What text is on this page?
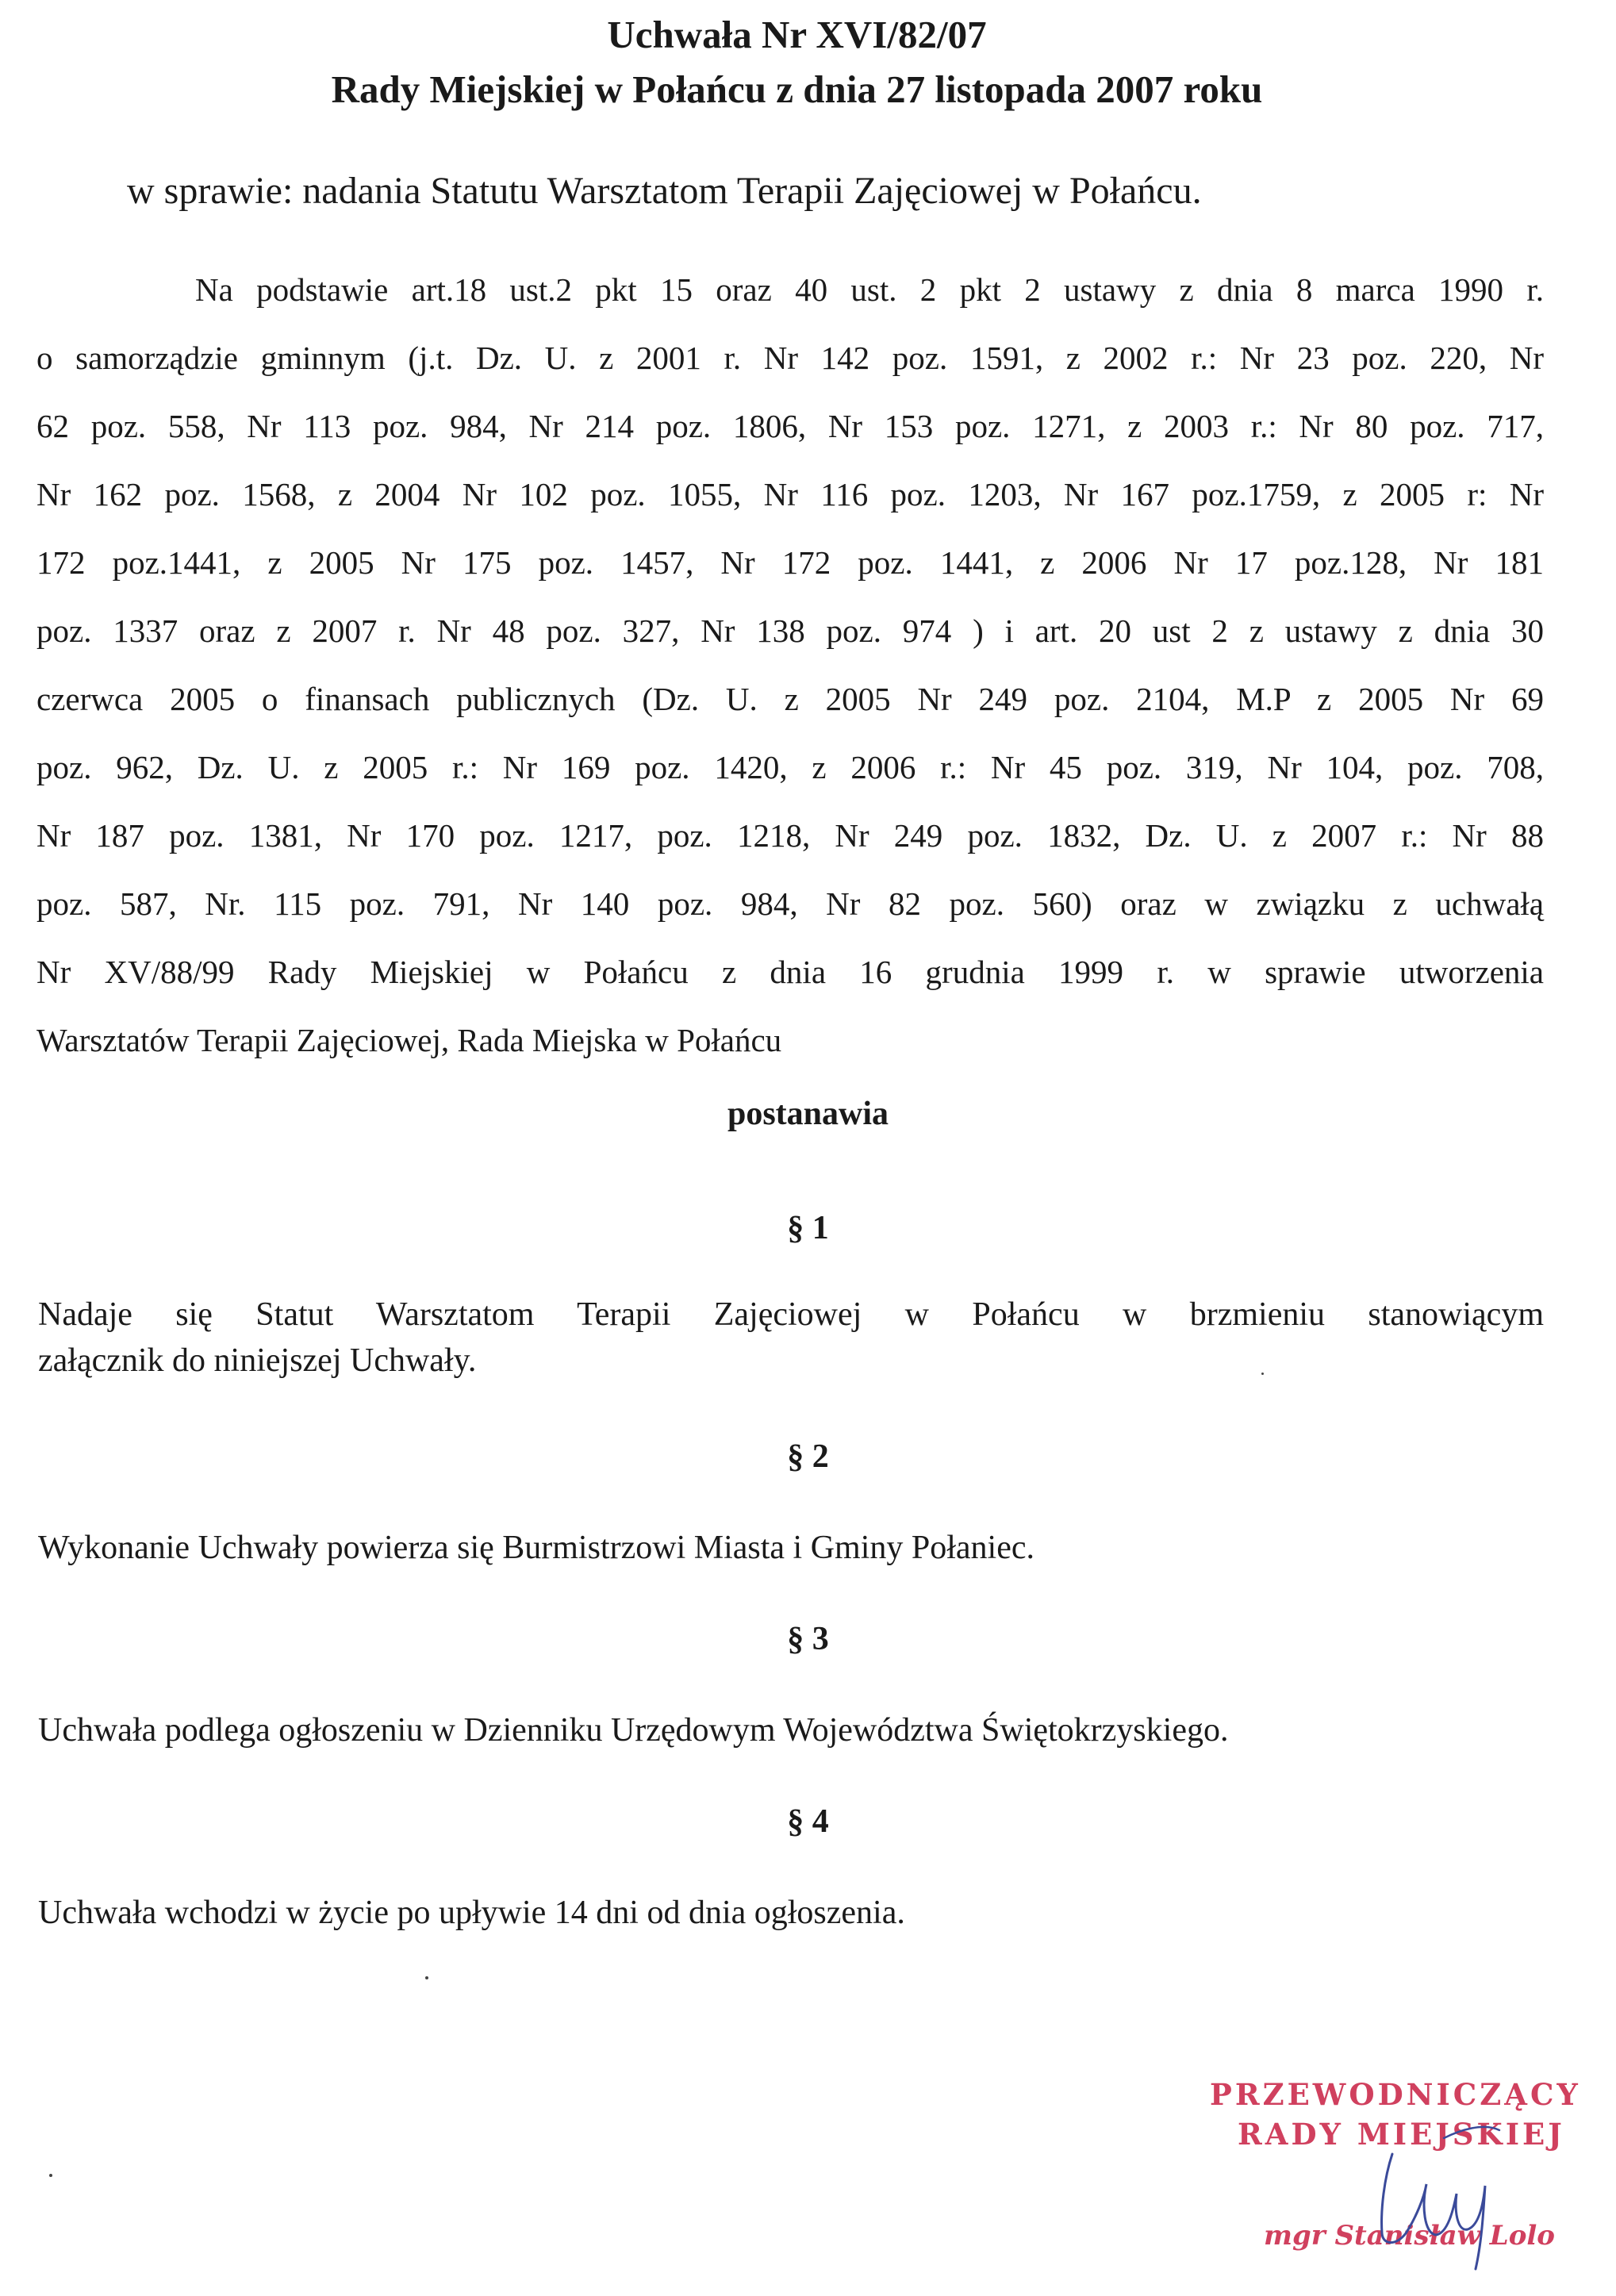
Uchwała Nr XVI/82/07
Rady Miejskiej w Połańcu z dnia 27 listopada 2007 roku
w sprawie: nadania Statutu Warsztatom Terapii Zajęciowej w Połańcu.
Na podstawie art.18 ust.2 pkt 15 oraz 40 ust. 2 pkt 2 ustawy z dnia 8 marca 1990 r.
o samorządzie gminnym (j.t. Dz. U. z 2001 r. Nr 142 poz. 1591, z 2002 r.: Nr 23 poz. 220, Nr
62 poz. 558, Nr 113 poz. 984, Nr 214 poz. 1806, Nr 153 poz. 1271, z 2003 r.: Nr 80 poz. 717,
Nr 162 poz. 1568, z 2004 Nr 102 poz. 1055, Nr 116 poz. 1203, Nr 167 poz.1759, z 2005 r: Nr
172 poz.1441, z 2005 Nr 175 poz. 1457, Nr 172 poz. 1441, z 2006 Nr 17 poz.128, Nr 181
poz. 1337 oraz z 2007 r. Nr 48 poz. 327, Nr 138 poz. 974 ) i art. 20 ust 2 z ustawy z dnia 30
czerwca 2005 o finansach publicznych (Dz. U. z 2005 Nr 249 poz. 2104, M.P z 2005 Nr 69
poz. 962, Dz. U. z 2005 r.: Nr 169 poz. 1420, z 2006 r.: Nr 45 poz. 319, Nr 104, poz. 708,
Nr 187 poz. 1381, Nr 170 poz. 1217, poz. 1218, Nr 249 poz. 1832, Dz. U. z 2007 r.: Nr 88
poz. 587, Nr. 115 poz. 791, Nr 140 poz. 984, Nr 82 poz. 560) oraz w związku z uchwałą
Nr XV/88/99 Rady Miejskiej w Połańcu z dnia 16 grudnia 1999 r. w sprawie utworzenia
Warsztatów Terapii Zajęciowej, Rada Miejska w Połańcu
postanawia
§ 1
Nadaje się Statut Warsztatom Terapii Zajęciowej w Połańcu w brzmieniu stanowiącym
załącznik do niniejszej Uchwały.
§ 2
Wykonanie Uchwały powierza się Burmistrzowi Miasta i Gminy Połaniec.
§ 3
Uchwała podlega ogłoszeniu w Dzienniku Urzędowym Województwa Świętokrzyskiego.
§ 4
Uchwała wchodzi w życie po upływie 14 dni od dnia ogłoszenia.
PRZEWODNICZĄCY
RADY MIEJSKIEJ
mgr Stanisław Lolo
